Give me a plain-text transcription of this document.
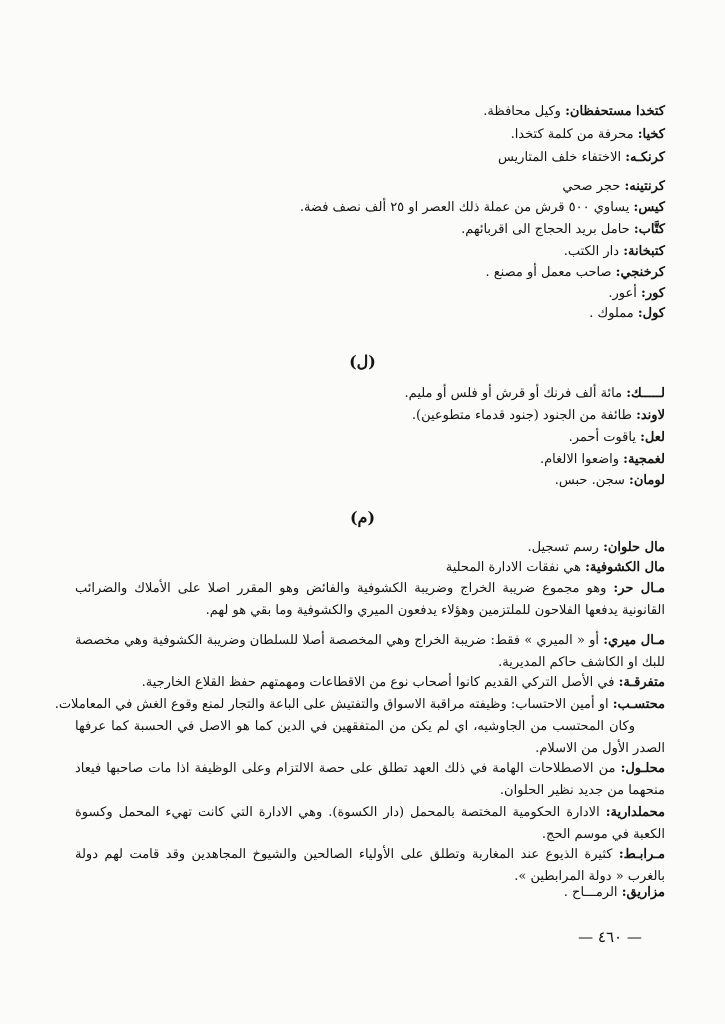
كتخدا مستحفظان: وكيل محافظة.
كخيا: محرفة من كلمة كتخدا.
كرنكـه: الاختفاء خلف المتاريس
كرنتينه: حجر صحي
كيس: يساوي ٥٠٠ قرش من عملة ذلك العصر او ٢٥ ألف نصف فضة.
كتَّاب: حامل بريد الحجاج الى اقربائهم.
كتبخانة: دار الكتب.
كرخنجي: صاحب معمل أو مصنع .
كور: أعور.
كول: مملوك .
(ل)
لـــــك: مائة ألف فرنك أو قرش أو فلس أو مليم.
لاوند: طائفة من الجنود (جنود قدماء متطوعين).
لعل: ياقوت أحمر.
لغمجية: واضعوا الالغام.
لومان: سجن. حبس.
(م)
مال حلوان: رسم تسجيل.
مال الكشوفية: هي نفقات الادارة المحلية
مـال حر: وهو مجموع ضريبة الخراج وضريبة الكشوفية والفائض وهو المقرر اصلا على الأملاك والضرائب القانونية يدفعها الفلاحون للملتزمين وهؤلاء يدفعون الميري والكشوفية وما بقي هو لهم.
مـال ميري: أو « الميري » فقط: ضريبة الخراج وهي المخصصة أصلا للسلطان وضريبة الكشوفية وهي مخصصة للبك او الكاشف حاكم المديرية.
متفرقـة: في الأصل التركي القديم كانوا أصحاب نوع من الاقطاعات ومهمتهم حفظ القلاع الخارجية.
محتسـب: او أمين الاحتساب: وظيفته مراقبة الاسواق والتفتيش على الباعة والتجار لمنع وقوع الغش في المعاملات.
وكان المحتسب من الجاوشيه، اي لم يكن من المتفقهين في الدين كما هو الاصل في الحسبة كما عرفها الصدر الأول من الاسلام.
محلـول: من الاصطلاحات الهامة في ذلك العهد تطلق على حصة الالتزام وعلى الوظيفة اذا مات صاحبها فيعاد منحهما من جديد نظير الحلوان.
محملدارية: الادارة الحكومية المختصة بالمحمل (دار الكسوة). وهي الادارة التي كانت تهيء المحمل وكسوة الكعبة في موسم الحج.
مـرابـط: كثيرة الذيوع عند المغاربة وتطلق على الأولياء الصالحين والشيوخ المجاهدين وقد قامت لهم دولة بالغرب « دولة المرابطين ».
مزاريق: الرمـــاح .
— ٤٦٠ —
